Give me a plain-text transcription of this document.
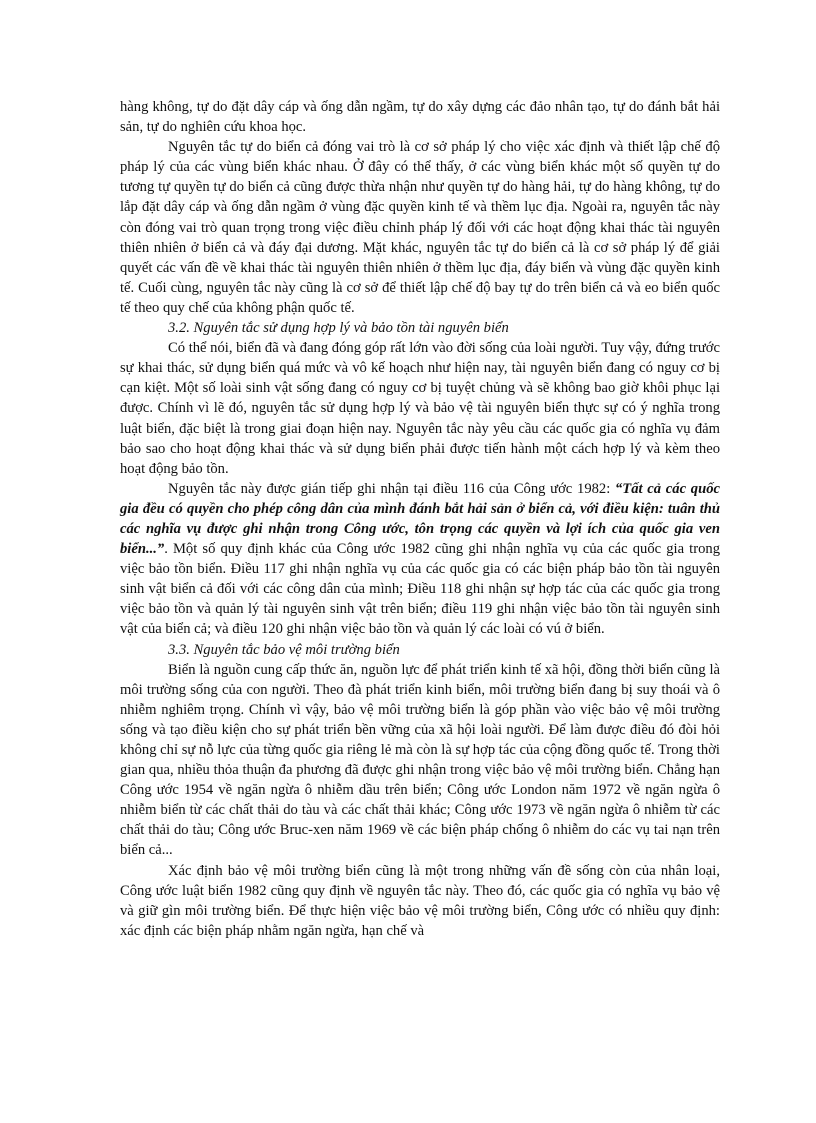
hàng không, tự do đặt dây cáp và ống dẫn ngầm, tự do xây dựng các đảo nhân tạo, tự do đánh bắt hải sản, tự do nghiên cứu khoa học.

Nguyên tắc tự do biển cả đóng vai trò là cơ sở pháp lý cho việc xác định và thiết lập chế độ pháp lý của các vùng biển khác nhau. Ở đây có thể thấy, ở các vùng biển khác một số quyền tự do tương tự quyền tự do biển cả cũng được thừa nhận như quyền tự do hàng hải, tự do hàng không, tự do lắp đặt dây cáp và ống dẫn ngầm ở vùng đặc quyền kinh tế và thềm lục địa. Ngoài ra, nguyên tắc này còn đóng vai trò quan trọng trong việc điều chỉnh pháp lý đối với các hoạt động khai thác tài nguyên thiên nhiên ở biển cả và đáy đại dương. Mặt khác, nguyên tắc tự do biển cả là cơ sở pháp lý để giải quyết các vấn đề về khai thác tài nguyên thiên nhiên ở thềm lục địa, đáy biển và vùng đặc quyền kinh tế. Cuối cùng, nguyên tắc này cũng là cơ sở để thiết lập chế độ bay tự do trên biển cả và eo biển quốc tế theo quy chế của không phận quốc tế.

3.2. Nguyên tắc sử dụng hợp lý và bảo tồn tài nguyên biển

Có thể nói, biển đã và đang đóng góp rất lớn vào đời sống của loài người. Tuy vậy, đứng trước sự khai thác, sử dụng biển quá mức và vô kế hoạch như hiện nay, tài nguyên biển đang có nguy cơ bị cạn kiệt. Một số loài sinh vật sống đang có nguy cơ bị tuyệt chủng và sẽ không bao giờ khôi phục lại được. Chính vì lẽ đó, nguyên tắc sử dụng hợp lý và bảo vệ tài nguyên biển thực sự có ý nghĩa trong luật biển, đặc biệt là trong giai đoạn hiện nay. Nguyên tắc này yêu cầu các quốc gia có nghĩa vụ đảm bảo sao cho hoạt động khai thác và sử dụng biển phải được tiến hành một cách hợp lý và kèm theo hoạt động bảo tồn.

Nguyên tắc này được gián tiếp ghi nhận tại điều 116 của Công ước 1982: “Tất cả các quốc gia đều có quyền cho phép công dân của mình đánh bắt hải sản ở biển cả, với điều kiện: tuân thủ các nghĩa vụ được ghi nhận trong Công ước, tôn trọng các quyền và lợi ích của quốc gia ven biển...”. Một số quy định khác của Công ước 1982 cũng ghi nhận nghĩa vụ của các quốc gia trong việc bảo tồn biển. Điều 117 ghi nhận nghĩa vụ của các quốc gia có các biện pháp bảo tồn tài nguyên sinh vật biển cả đối với các công dân của mình; Điều 118 ghi nhận sự hợp tác của các quốc gia trong việc bảo tồn và quản lý tài nguyên sinh vật trên biển; điều 119 ghi nhận việc bảo tồn tài nguyên sinh vật của biển cả; và điều 120 ghi nhận việc bảo tồn và quản lý các loài có vú ở biển.

3.3. Nguyên tắc bảo vệ môi trường biển

Biển là nguồn cung cấp thức ăn, nguồn lực để phát triển kinh tế xã hội, đồng thời biển cũng là môi trường sống của con người. Theo đà phát triển kinh biển, môi trường biển đang bị suy thoái và ô nhiễm nghiêm trọng. Chính vì vậy, bảo vệ môi trường biển là góp phần vào việc bảo vệ môi trường sống và tạo điều kiện cho sự phát triển bền vững của xã hội loài người. Để làm được điều đó đòi hỏi không chỉ sự nỗ lực của từng quốc gia riêng lẻ mà còn là sự hợp tác của cộng đồng quốc tế. Trong thời gian qua, nhiều thỏa thuận đa phương đã được ghi nhận trong việc bảo vệ môi trường biển. Chẳng hạn Công ước 1954 về ngăn ngừa ô nhiễm dầu trên biển; Công ước London năm 1972 về ngăn ngừa ô nhiễm biển từ các chất thải do tàu và các chất thải khác; Công ước 1973 về ngăn ngừa ô nhiễm từ các chất thải do tàu; Công ước Bruc-xen năm 1969 về các biện pháp chống ô nhiễm do các vụ tai nạn trên biển cả...

Xác định bảo vệ môi trường biển cũng là một trong những vấn đề sống còn của nhân loại, Công ước luật biển 1982 cũng quy định về nguyên tắc này. Theo đó, các quốc gia có nghĩa vụ bảo vệ và giữ gìn môi trường biển. Để thực hiện việc bảo vệ môi trường biển, Công ước có nhiều quy định: xác định các biện pháp nhằm ngăn ngừa, hạn chế và
